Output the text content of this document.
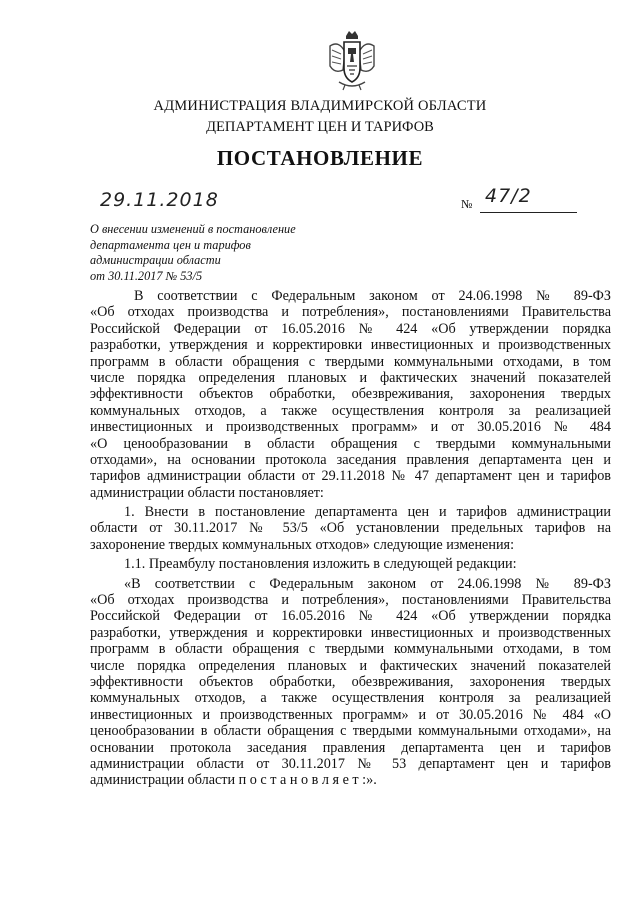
АДМИНИСТРАЦИЯ ВЛАДИМИРСКОЙ ОБЛАСТИ
ДЕПАРТАМЕНТ ЦЕН И ТАРИФОВ
ПОСТАНОВЛЕНИЕ
29.11.2018	№ 47/2
О внесении изменений в постановление
департамента цен и тарифов
администрации области
от 30.11.2017 № 53/5
В соответствии с Федеральным законом от 24.06.1998 № 89-ФЗ
«Об отходах производства и потребления», постановлениями Правительства
Российской Федерации от 16.05.2016 № 424 «Об утверждении порядка
разработки, утверждения и корректировки инвестиционных и производственных
программ в области обращения с твердыми коммунальными отходами, в том
числе порядка определения плановых и фактических значений показателей
эффективности объектов обработки, обезвреживания, захоронения твердых
коммунальных отходов, а также осуществления контроля за реализацией
инвестиционных и производственных программ» и от 30.05.2016 № 484
«О ценообразовании в области обращения с твердыми коммунальными
отходами», на основании протокола заседания правления департамента цен и
тарифов администрации области от 29.11.2018 № 47 департамент цен и тарифов
администрации области постановляет:
1. Внести в постановление департамента цен и тарифов администрации
области от 30.11.2017 № 53/5 «Об установлении предельных тарифов на
захоронение твердых коммунальных отходов» следующие изменения:
1.1. Преамбулу постановления изложить в следующей редакции:
«В соответствии с Федеральным законом от 24.06.1998 № 89-ФЗ
«Об отходах производства и потребления», постановлениями Правительства
Российской Федерации от 16.05.2016 № 424 «Об утверждении порядка
разработки, утверждения и корректировки инвестиционных и производственных
программ в области обращения с твердыми коммунальными отходами, в том
числе порядка определения плановых и фактических значений показателей
эффективности объектов обработки, обезвреживания, захоронения твердых
коммунальных отходов, а также осуществления контроля за реализацией
инвестиционных и производственных программ» и от 30.05.2016 № 484 «О
ценообразовании в области обращения с твердыми коммунальными отходами», на
основании протокола заседания правления департамента цен и тарифов
администрации области от 30.11.2017 № 53 департамент цен и тарифов
администрации области п о с т а н о в л я е т :».
